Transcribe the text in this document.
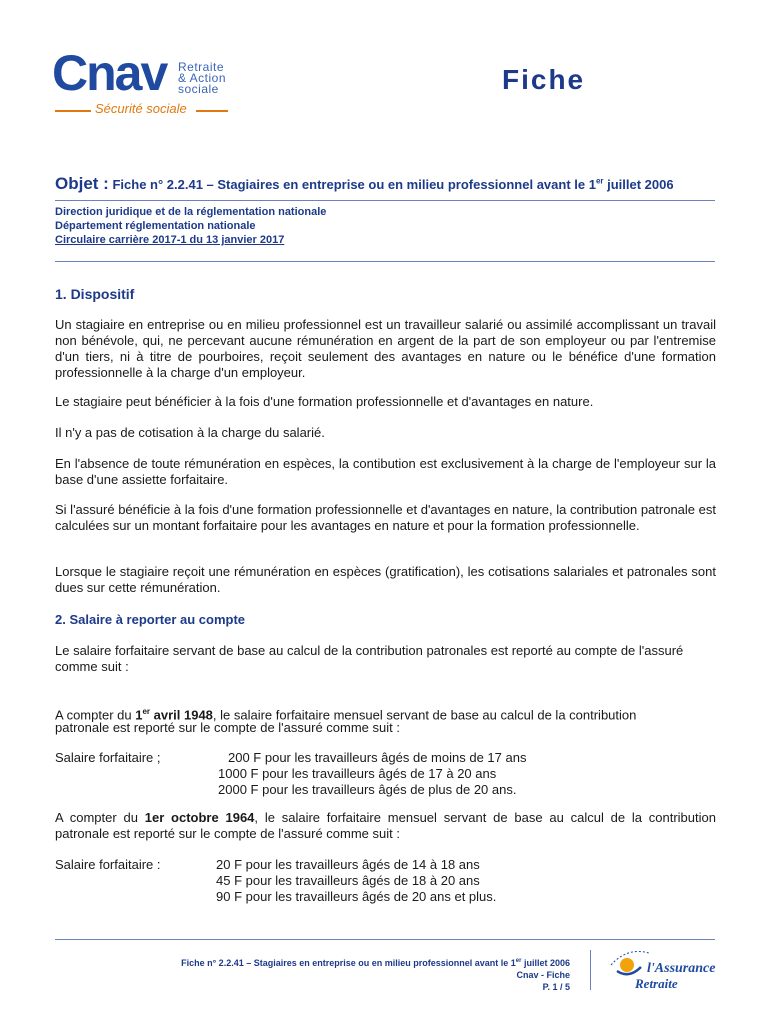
Cnav Retraite
& Action
sociale
Sécurité sociale
Fiche
Objet : Fiche n° 2.2.41 – Stagiaires en entreprise ou en milieu professionnel avant le 1er juillet 2006
Direction juridique et de la réglementation nationale
Département réglementation nationale
Circulaire carrière 2017-1 du 13 janvier 2017
1. Dispositif
Un stagiaire en entreprise ou en milieu professionnel est un travailleur salarié ou assimilé accomplissant un travail non bénévole, qui, ne percevant aucune rémunération en argent de la part de son employeur ou par l'entremise d'un tiers, ni à titre de pourboires, reçoit seulement des avantages en nature ou le bénéfice d'une formation professionnelle à la charge d'un employeur.
Le stagiaire peut bénéficier à la fois d'une formation professionnelle et d'avantages en nature.
Il n'y a pas de cotisation à la charge du salarié.
En l'absence de toute rémunération en espèces, la contibution est exclusivement à la charge de l'employeur sur la base d'une assiette forfaitaire.
Si l'assuré bénéficie à la fois d'une formation professionnelle et d'avantages en nature, la contribution patronale est calculées sur un montant forfaitaire pour les avantages en nature et pour la formation professionnelle.
Lorsque le stagiaire reçoit une rémunération en espèces (gratification), les cotisations salariales et patronales sont dues sur cette rémunération.
2. Salaire à reporter au compte
Le salaire forfaitaire servant de base au calcul de la contribution patronales est reporté au compte de l'assuré comme suit :
A compter du 1er avril 1948, le salaire forfaitaire mensuel servant de base au calcul de la contribution
patronale est reporté sur le compte de l'assuré comme suit :
Salaire forfaitaire ;	200 F pour les travailleurs âgés de moins de 17 ans
1000 F pour les travailleurs âgés de 17 à 20 ans
2000 F pour les travailleurs âgés de plus de 20 ans.
A compter du 1er octobre 1964, le salaire forfaitaire mensuel servant de base au calcul de la contribution patronale est reporté sur le compte de l'assuré comme suit :
Salaire forfaitaire :	20 F pour les travailleurs âgés de 14 à 18 ans
45 F pour les travailleurs âgés de 18 à 20 ans
90 F pour les travailleurs âgés de 20 ans et plus.
Fiche n° 2.2.41 – Stagiaires en entreprise ou en milieu professionnel avant le 1er juillet 2006
Cnav - Fiche
P. 1 / 5
l'Assurance
Retraite
